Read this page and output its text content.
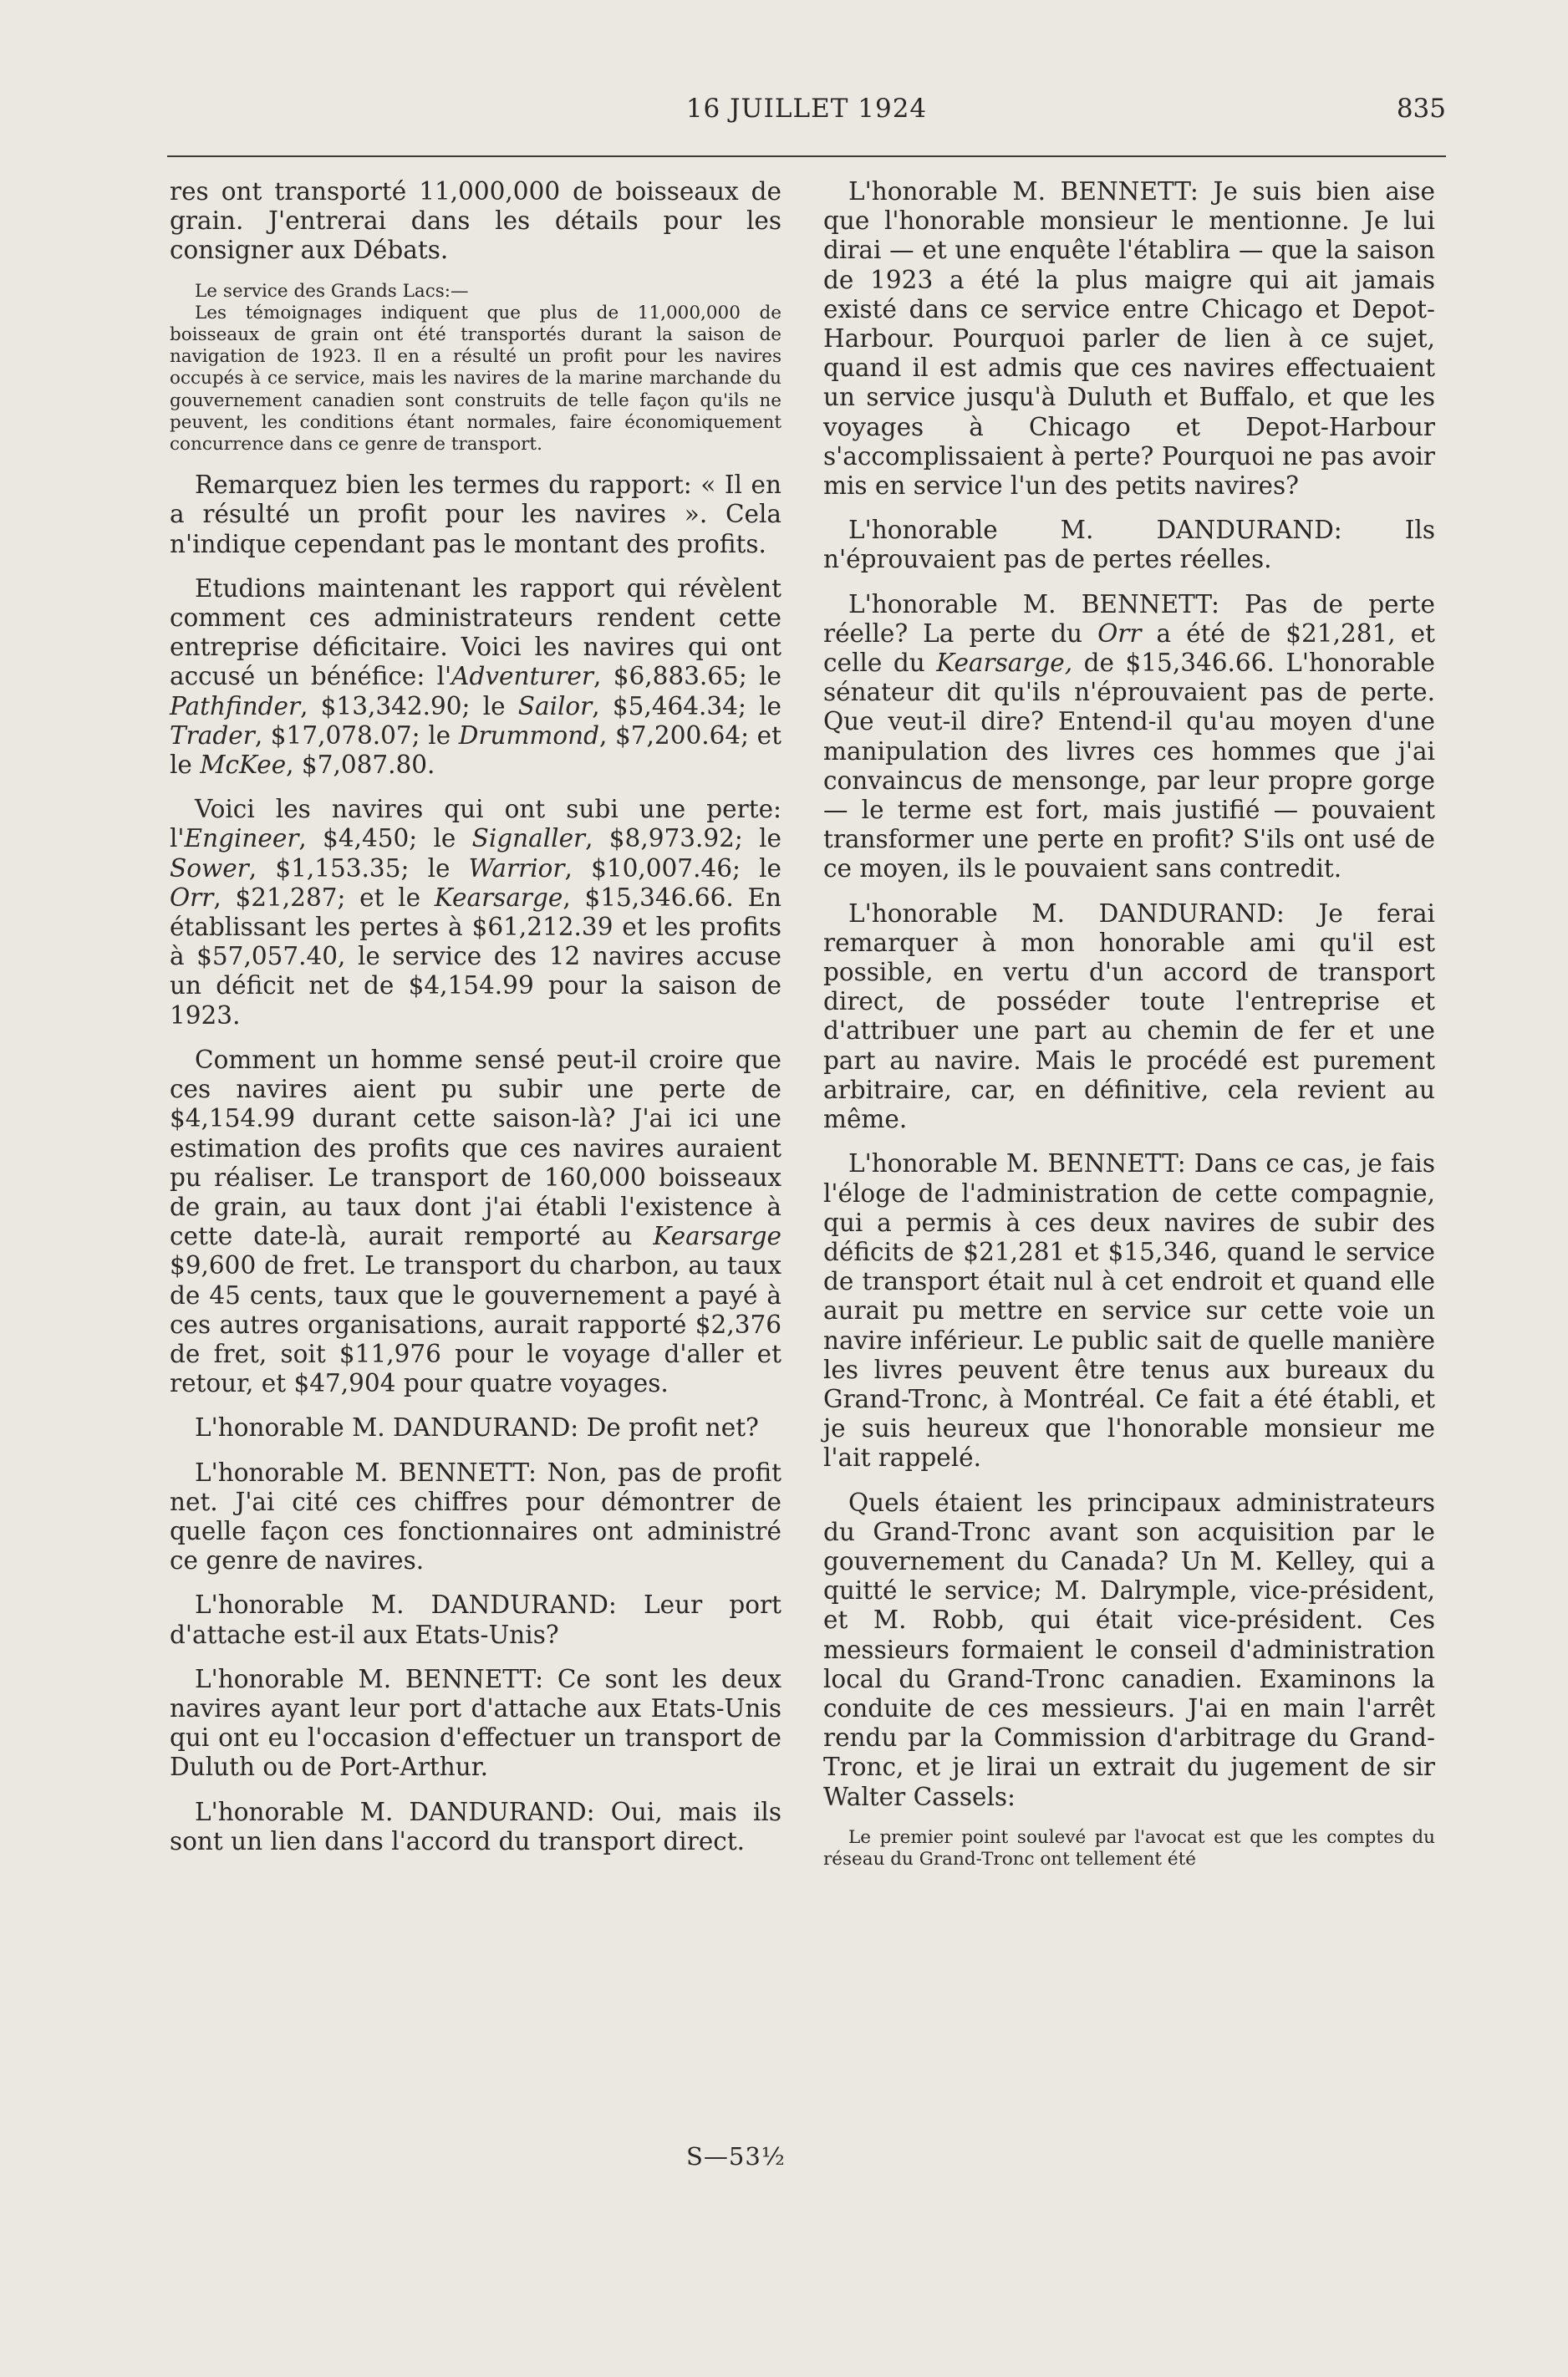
16 JUILLET 1924	835

res ont transporté 11,000,000 de boisseaux de grain. J'entrerai dans les détails pour les consigner aux Débats.

Le service des Grands Lacs:—

Les témoignages indiquent que plus de 11,000,000 de boisseaux de grain ont été transportés durant la saison de navigation de 1923. Il en a résulté un profit pour les navires occupés à ce service, mais les navires de la marine marchande du gouvernement canadien sont construits de telle façon qu'ils ne peuvent, les conditions étant normales, faire économiquement concurrence dans ce genre de transport.

Remarquez bien les termes du rapport: « Il en a résulté un profit pour les navires ». Cela n'indique cependant pas le montant des profits.

Etudions maintenant les rapport qui révèlent comment ces administrateurs rendent cette entreprise déficitaire. Voici les navires qui ont accusé un bénéfice: l'Adventurer, $6,883.65; le Pathfinder, $13,342.90; le Sailor, $5,464.34; le Trader, $17,078.07; le Drummond, $7,200.64; et le McKee, $7,087.80.

Voici les navires qui ont subi une perte: l'Engineer, $4,450; le Signaller, $8,973.92; le Sower, $1,153.35; le Warrior, $10,007.46; le Orr, $21,287; et le Kearsarge, $15,346.66. En établissant les pertes à $61,212.39 et les profits à $57,057.40, le service des 12 navires accuse un déficit net de $4,154.99 pour la saison de 1923.

Comment un homme sensé peut-il croire que ces navires aient pu subir une perte de $4,154.99 durant cette saison-là? J'ai ici une estimation des profits que ces navires auraient pu réaliser. Le transport de 160,000 boisseaux de grain, au taux dont j'ai établi l'existence à cette date-là, aurait remporté au Kearsarge $9,600 de fret. Le transport du charbon, au taux de 45 cents, taux que le gouvernement a payé à ces autres organisations, aurait rapporté $2,376 de fret, soit $11,976 pour le voyage d'aller et retour, et $47,904 pour quatre voyages.

L'honorable M. DANDURAND: De profit net?

L'honorable M. BENNETT: Non, pas de profit net. J'ai cité ces chiffres pour démontrer de quelle façon ces fonctionnaires ont administré ce genre de navires.

L'honorable M. DANDURAND: Leur port d'attache est-il aux Etats-Unis?

L'honorable M. BENNETT: Ce sont les deux navires ayant leur port d'attache aux Etats-Unis qui ont eu l'occasion d'effectuer un transport de Duluth ou de Port-Arthur.

L'honorable M. DANDURAND: Oui, mais ils sont un lien dans l'accord du transport direct.

L'honorable M. BENNETT: Je suis bien aise que l'honorable monsieur le mentionne. Je lui dirai — et une enquête l'établira — que la saison de 1923 a été la plus maigre qui ait jamais existé dans ce service entre Chicago et Depot-Harbour. Pourquoi parler de lien à ce sujet, quand il est admis que ces navires effectuaient un service jusqu'à Duluth et Buffalo, et que les voyages à Chicago et Depot-Harbour s'accomplissaient à perte? Pourquoi ne pas avoir mis en service l'un des petits navires?

L'honorable M. DANDURAND: Ils n'éprouvaient pas de pertes réelles.

L'honorable M. BENNETT: Pas de perte réelle? La perte du Orr a été de $21,281, et celle du Kearsarge, de $15,346.66. L'honorable sénateur dit qu'ils n'éprouvaient pas de perte. Que veut-il dire? Entend-il qu'au moyen d'une manipulation des livres ces hommes que j'ai convaincus de mensonge, par leur propre gorge — le terme est fort, mais justifié — pouvaient transformer une perte en profit? S'ils ont usé de ce moyen, ils le pouvaient sans contredit.

L'honorable M. DANDURAND: Je ferai remarquer à mon honorable ami qu'il est possible, en vertu d'un accord de transport direct, de posséder toute l'entreprise et d'attribuer une part au chemin de fer et une part au navire. Mais le procédé est purement arbitraire, car, en définitive, cela revient au même.

L'honorable M. BENNETT: Dans ce cas, je fais l'éloge de l'administration de cette compagnie, qui a permis à ces deux navires de subir des déficits de $21,281 et $15,346, quand le service de transport était nul à cet endroit et quand elle aurait pu mettre en service sur cette voie un navire inférieur. Le public sait de quelle manière les livres peuvent être tenus aux bureaux du Grand-Tronc, à Montréal. Ce fait a été établi, et je suis heureux que l'honorable monsieur me l'ait rappelé.

Quels étaient les principaux administrateurs du Grand-Tronc avant son acquisition par le gouvernement du Canada? Un M. Kelley, qui a quitté le service; M. Dalrymple, vice-président, et M. Robb, qui était vice-président. Ces messieurs formaient le conseil d'administration local du Grand-Tronc canadien. Examinons la conduite de ces messieurs. J'ai en main l'arrêt rendu par la Commission d'arbitrage du Grand-Tronc, et je lirai un extrait du jugement de sir Walter Cassels:

Le premier point soulevé par l'avocat est que les comptes du réseau du Grand-Tronc ont tellement été

S—53½
